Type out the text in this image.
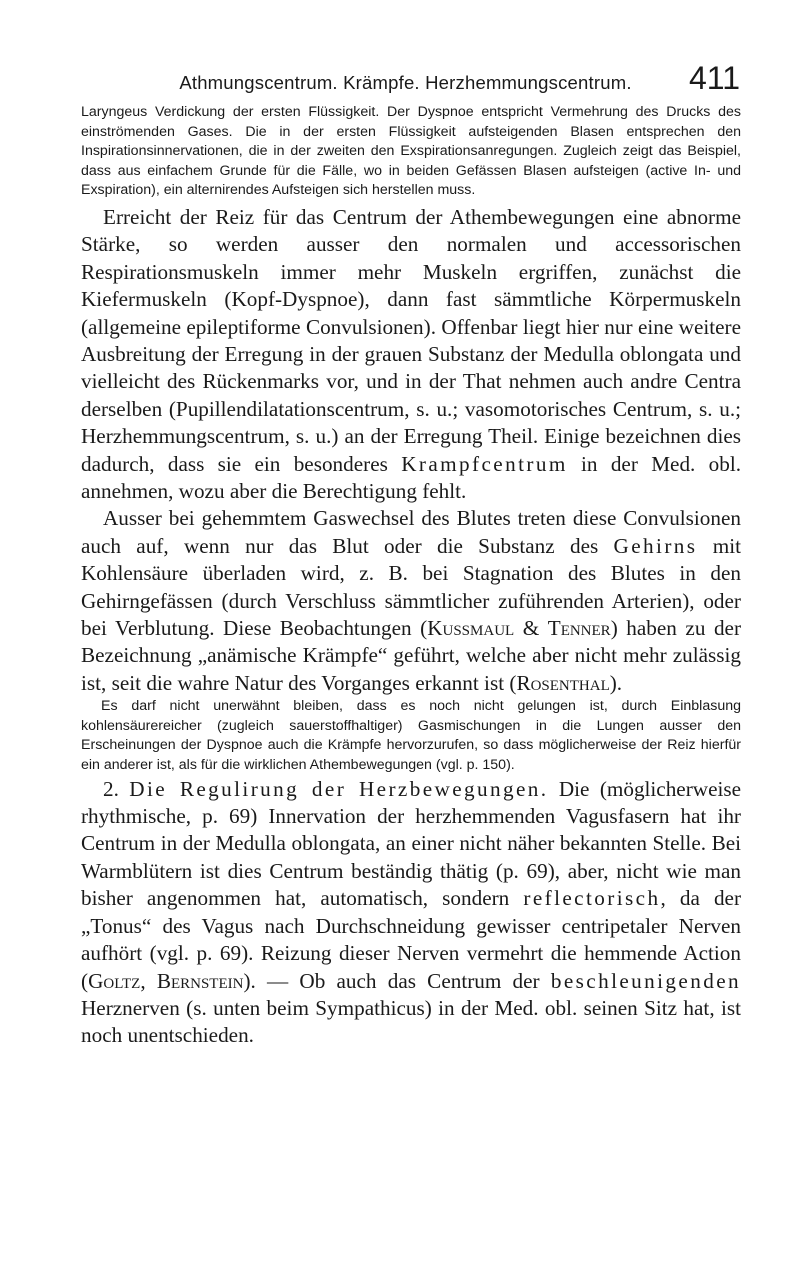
Athmungscentrum. Krämpfe. Herzhemmungscentrum.	411

Laryngeus Verdickung der ersten Flüssigkeit. Der Dyspnoe entspricht Vermehrung des Drucks des einströmenden Gases. Die in der ersten Flüssigkeit aufsteigenden Blasen entsprechen den Inspirationsinnervationen, die in der zweiten den Exspirationsanregungen. Zugleich zeigt das Beispiel, dass aus einfachem Grunde für die Fälle, wo in beiden Gefässen Blasen aufsteigen (active In- und Exspiration), ein alternirendes Aufsteigen sich herstellen muss.

Erreicht der Reiz für das Centrum der Athembewegungen eine abnorme Stärke, so werden ausser den normalen und accessorischen Respirationsmuskeln immer mehr Muskeln ergriffen, zunächst die Kiefermuskeln (Kopf-Dyspnoe), dann fast sämmtliche Körpermuskeln (allgemeine epileptiforme Convulsionen). Offenbar liegt hier nur eine weitere Ausbreitung der Erregung in der grauen Substanz der Medulla oblongata und vielleicht des Rückenmarks vor, und in der That nehmen auch andre Centra derselben (Pupillendilatationscentrum, s. u.; vasomotorisches Centrum, s. u.; Herzhemmungscentrum, s. u.) an der Erregung Theil. Einige bezeichnen dies dadurch, dass sie ein besonderes Krampfcentrum in der Med. obl. annehmen, wozu aber die Berechtigung fehlt.

Ausser bei gehemmtem Gaswechsel des Blutes treten diese Convulsionen auch auf, wenn nur das Blut oder die Substanz des Gehirns mit Kohlensäure überladen wird, z. B. bei Stagnation des Blutes in den Gehirngefässen (durch Verschluss sämmtlicher zuführenden Arterien), oder bei Verblutung. Diese Beobachtungen (Kussmaul & Tenner) haben zu der Bezeichnung „anämische Krämpfe“ geführt, welche aber nicht mehr zulässig ist, seit die wahre Natur des Vorganges erkannt ist (Rosenthal).

Es darf nicht unerwähnt bleiben, dass es noch nicht gelungen ist, durch Einblasung kohlensäurereicher (zugleich sauerstoffhaltiger) Gasmischungen in die Lungen ausser den Erscheinungen der Dyspnoe auch die Krämpfe hervorzurufen, so dass möglicherweise der Reiz hierfür ein anderer ist, als für die wirklichen Athembewegungen (vgl. p. 150).

2. Die Regulirung der Herzbewegungen. Die (möglicherweise rhythmische, p. 69) Innervation der herzhemmenden Vagusfasern hat ihr Centrum in der Medulla oblongata, an einer nicht näher bekannten Stelle. Bei Warmblütern ist dies Centrum beständig thätig (p. 69), aber, nicht wie man bisher angenommen hat, automatisch, sondern reflectorisch, da der „Tonus“ des Vagus nach Durchschneidung gewisser centripetaler Nerven aufhört (vgl. p. 69). Reizung dieser Nerven vermehrt die hemmende Action (Goltz, Bernstein). — Ob auch das Centrum der beschleunigenden Herznerven (s. unten beim Sympathicus) in der Med. obl. seinen Sitz hat, ist noch unentschieden.
